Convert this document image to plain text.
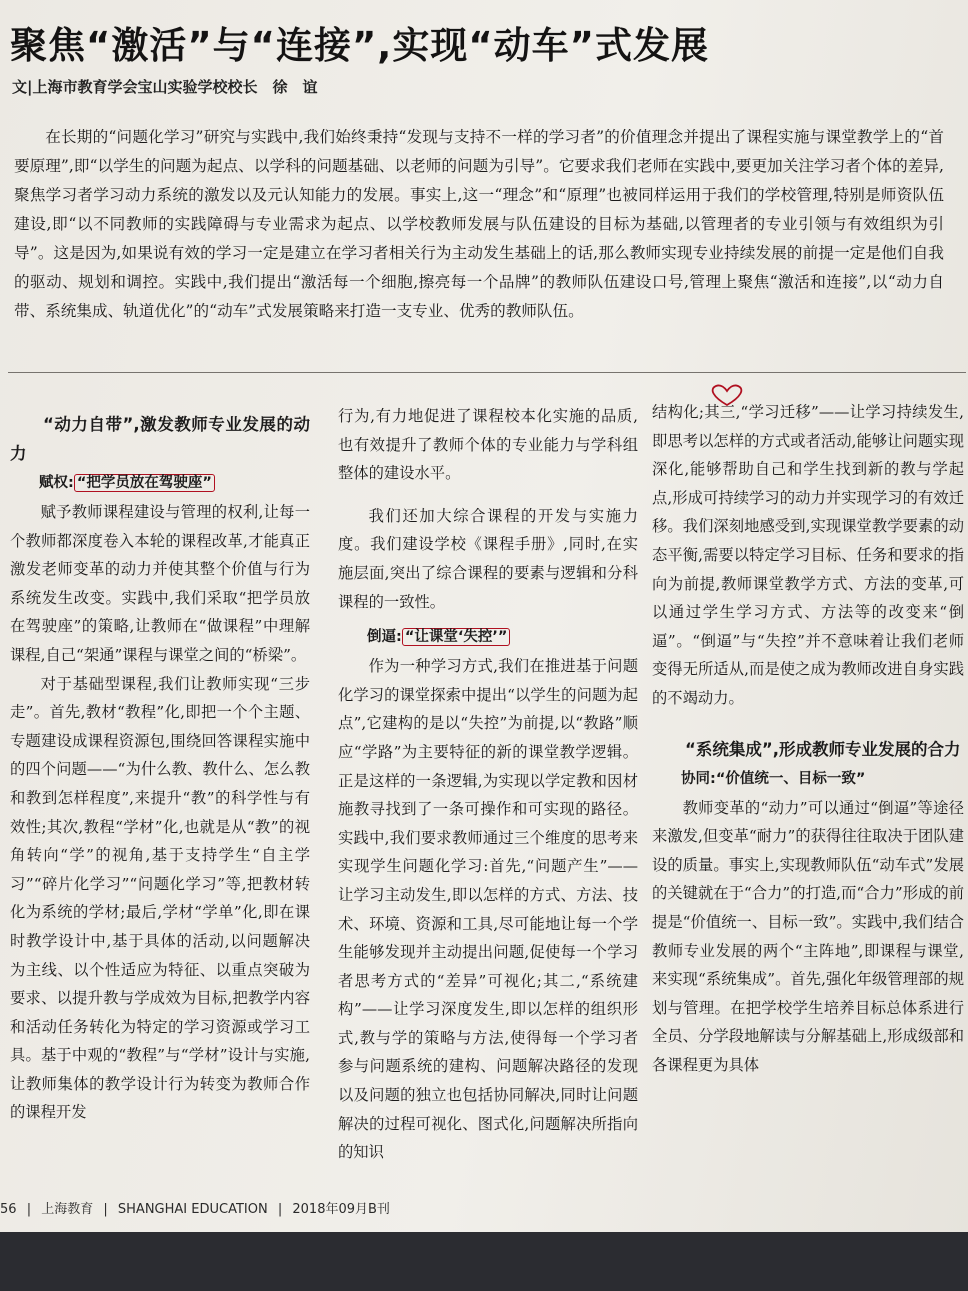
聚焦“激活”与“连接”,实现“动车”式发展
文|上海市教育学会宝山实验学校校长　徐　谊

在长期的“问题化学习”研究与实践中,我们始终秉持“发现与支持不一样的学习者”的价值理念并提出了课程实施与课堂教学上的“首要原理”,即“以学生的问题为起点、以学科的问题基础、以老师的问题为引导”。它要求我们老师在实践中,要更加关注学习者个体的差异,聚焦学习者学习动力系统的激发以及元认知能力的发展。事实上,这一“理念”和“原理”也被同样运用于我们的学校管理,特别是师资队伍建设,即“以不同教师的实践障碍与专业需求为起点、以学校教师发展与队伍建设的目标为基础,以管理者的专业引领与有效组织为引导”。这是因为,如果说有效的学习一定是建立在学习者相关行为主动发生基础上的话,那么教师实现专业持续发展的前提一定是他们自我的驱动、规划和调控。实践中,我们提出“激活每一个细胞,擦亮每一个品牌”的教师队伍建设口号,管理上聚焦“激活和连接”,以“动力自带、系统集成、轨道优化”的“动车”式发展策略来打造一支专业、优秀的教师队伍。

“动力自带”,激发教师专业发展的动力

赋权: “把学员放在驾驶座”

赋予教师课程建设与管理的权利,让每一个教师都深度卷入本轮的课程改革,才能真正激发老师变革的动力并使其整个价值与行为系统发生改变。实践中,我们采取“把学员放在驾驶座”的策略,让教师在“做课程”中理解课程,自己“架通”课程与课堂之间的“桥梁”。

对于基础型课程,我们让教师实现“三步走”。首先,教材“教程”化,即把一个个主题、专题建设成课程资源包,围绕回答课程实施中的四个问题——“为什么教、教什么、怎么教和教到怎样程度”,来提升“教”的科学性与有效性;其次,教程“学材”化,也就是从“教”的视角转向“学”的视角,基于支持学生“自主学习”“碎片化学习”“问题化学习”等,把教材转化为系统的学材;最后,学材“学单”化,即在课时教学设计中,基于具体的活动,以问题解决为主线、以个性适应为特征、以重点突破为要求、以提升教与学成效为目标,把教学内容和活动任务转化为特定的学习资源或学习工具。基于中观的“教程”与“学材”设计与实施,让教师集体的教学设计行为转变为教师合作的课程开发

行为,有力地促进了课程校本化实施的品质,也有效提升了教师个体的专业能力与学科组整体的建设水平。

我们还加大综合课程的开发与实施力度。我们建设学校《课程手册》,同时,在实施层面,突出了综合课程的要素与逻辑和分科课程的一致性。

倒逼: “让课堂‘失控’”

作为一种学习方式,我们在推进基于问题化学习的课堂探索中提出“以学生的问题为起点”,它建构的是以“失控”为前提,以“教路”顺应“学路”为主要特征的新的课堂教学逻辑。正是这样的一条逻辑,为实现以学定教和因材施教寻找到了一条可操作和可实现的路径。实践中,我们要求教师通过三个维度的思考来实现学生问题化学习:首先,“问题产生”——让学习主动发生,即以怎样的方式、方法、技术、环境、资源和工具,尽可能地让每一个学生能够发现并主动提出问题,促使每一个学习者思考方式的“差异”可视化;其二,“系统建构”——让学习深度发生,即以怎样的组织形式,教与学的策略与方法,使得每一个学习者参与问题系统的建构、问题解决路径的发现以及问题的独立也包括协同解决,同时让问题解决的过程可视化、图式化,问题解决所指向的知识

结构化;其三,“学习迁移”——让学习持续发生,即思考以怎样的方式或者活动,能够让问题实现深化,能够帮助自己和学生找到新的教与学起点,形成可持续学习的动力并实现学习的有效迁移。我们深刻地感受到,实现课堂教学要素的动态平衡,需要以特定学习目标、任务和要求的指向为前提,教师课堂教学方式、方法的变革,可以通过学生学习方式、方法等的改变来“倒逼”。“倒逼”与“失控”并不意味着让我们老师变得无所适从,而是使之成为教师改进自身实践的不竭动力。

“系统集成”,形成教师专业发展的合力

协同:“价值统一、目标一致”

教师变革的“动力”可以通过“倒逼”等途径来激发,但变革“耐力”的获得往往取决于团队建设的质量。事实上,实现教师队伍“动车式”发展的关键就在于“合力”的打造,而“合力”形成的前提是“价值统一、目标一致”。实践中,我们结合教师专业发展的两个“主阵地”,即课程与课堂,来实现“系统集成”。首先,强化年级管理部的规划与管理。在把学校学生培养目标总体系进行全员、分学段地解读与分解基础上,形成级部和各课程更为具体

56 | 上海教育 | SHANGHAI EDUCATION | 2018年09月B刊
